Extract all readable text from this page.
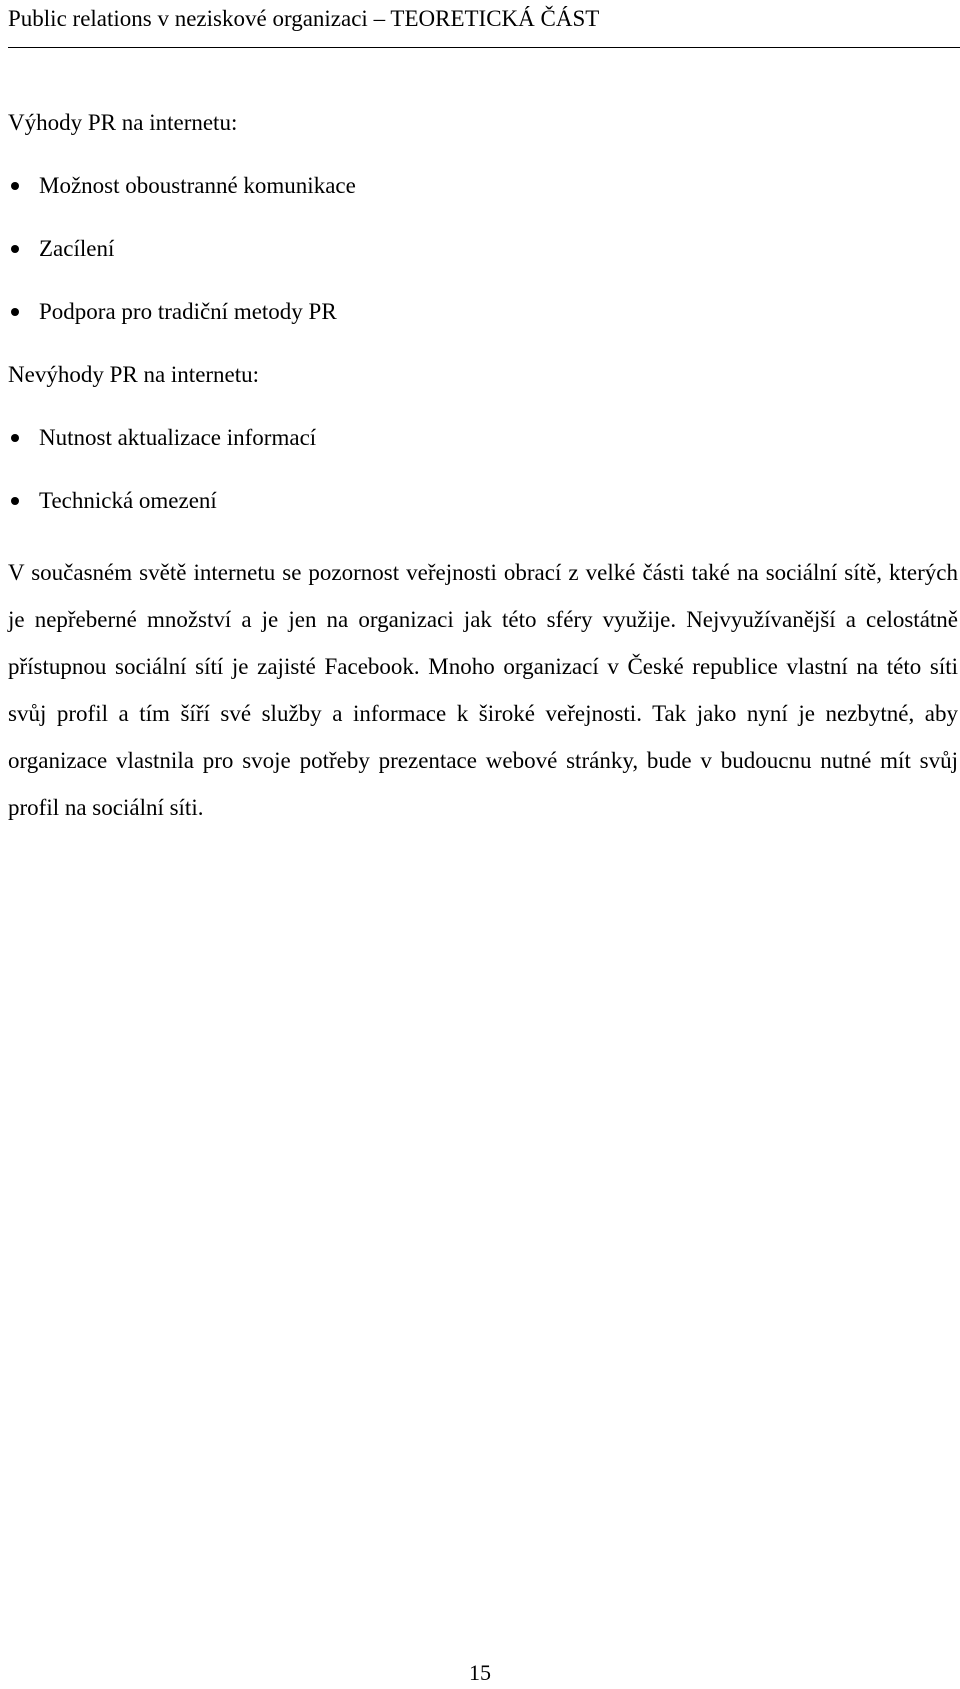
Public relations v neziskové organizaci – TEORETICKÁ ČÁST

Výhody PR na internetu:

Možnost oboustranné komunikace
Zacílení
Podpora pro tradiční metody PR

Nevýhody PR na internetu:

Nutnost aktualizace informací
Technická omezení

V současném světě internetu se pozornost veřejnosti obrací z velké části také na sociální sítě, kterých je nepřeberné množství a je jen na organizaci jak této sféry využije. Nejvyužívanější a celostátně přístupnou sociální sítí je zajisté Facebook. Mnoho organizací v České republice vlastní na této síti svůj profil a tím šíří své služby a informace k široké veřejnosti. Tak jako nyní je nezbytné, aby organizace vlastnila pro svoje potřeby prezentace webové stránky, bude v budoucnu nutné mít svůj profil na sociální síti.

15
